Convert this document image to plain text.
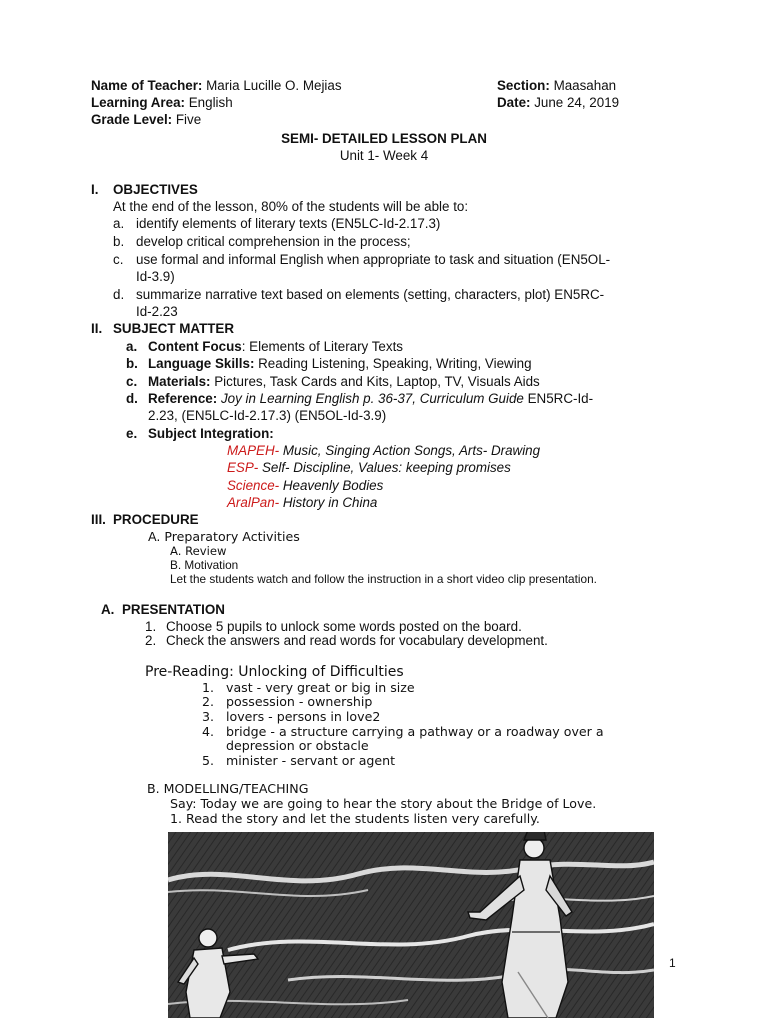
Name of Teacher: Maria Lucille O. Mejias
Learning Area: English
Grade Level: Five
Section: Maasahan
Date: June 24, 2019
SEMI- DETAILED LESSON PLAN
Unit 1- Week 4
I. OBJECTIVES
At the end of the lesson, 80% of the students will be able to:
a. identify elements of literary texts (EN5LC-Id-2.17.3)
b. develop critical comprehension in the process;
c. use formal and informal English when appropriate to task and situation (EN5OL-
Id-3.9)
d. summarize narrative text based on elements (setting, characters, plot) EN5RC-
Id-2.23
II. SUBJECT MATTER
a. Content Focus: Elements of Literary Texts
b. Language Skills: Reading Listening, Speaking, Writing, Viewing
c. Materials: Pictures, Task Cards and Kits, Laptop, TV, Visuals Aids
d. Reference: Joy in Learning English p. 36-37, Curriculum Guide EN5RC-Id-
2.23, (EN5LC-Id-2.17.3) (EN5OL-Id-3.9)
e. Subject Integration:
MAPEH- Music, Singing Action Songs, Arts- Drawing
ESP- Self- Discipline, Values: keeping promises
Science- Heavenly Bodies
AralPan- History in China
III. PROCEDURE
A. Preparatory Activities
A. Review
B. Motivation
Let the students watch and follow the instruction in a short video clip presentation.
A. PRESENTATION
1. Choose 5 pupils to unlock some words posted on the board.
2. Check the answers and read words for vocabulary development.
Pre-Reading: Unlocking of Difficulties
1. vast - very great or big in size
2. possession - ownership
3. lovers - persons in love2
4. bridge - a structure carrying a pathway or a roadway over a
depression or obstacle
5. minister - servant or agent
B. MODELLING/TEACHING
Say: Today we are going to hear the story about the Bridge of Love.
1. Read the story and let the students listen very carefully.
1
